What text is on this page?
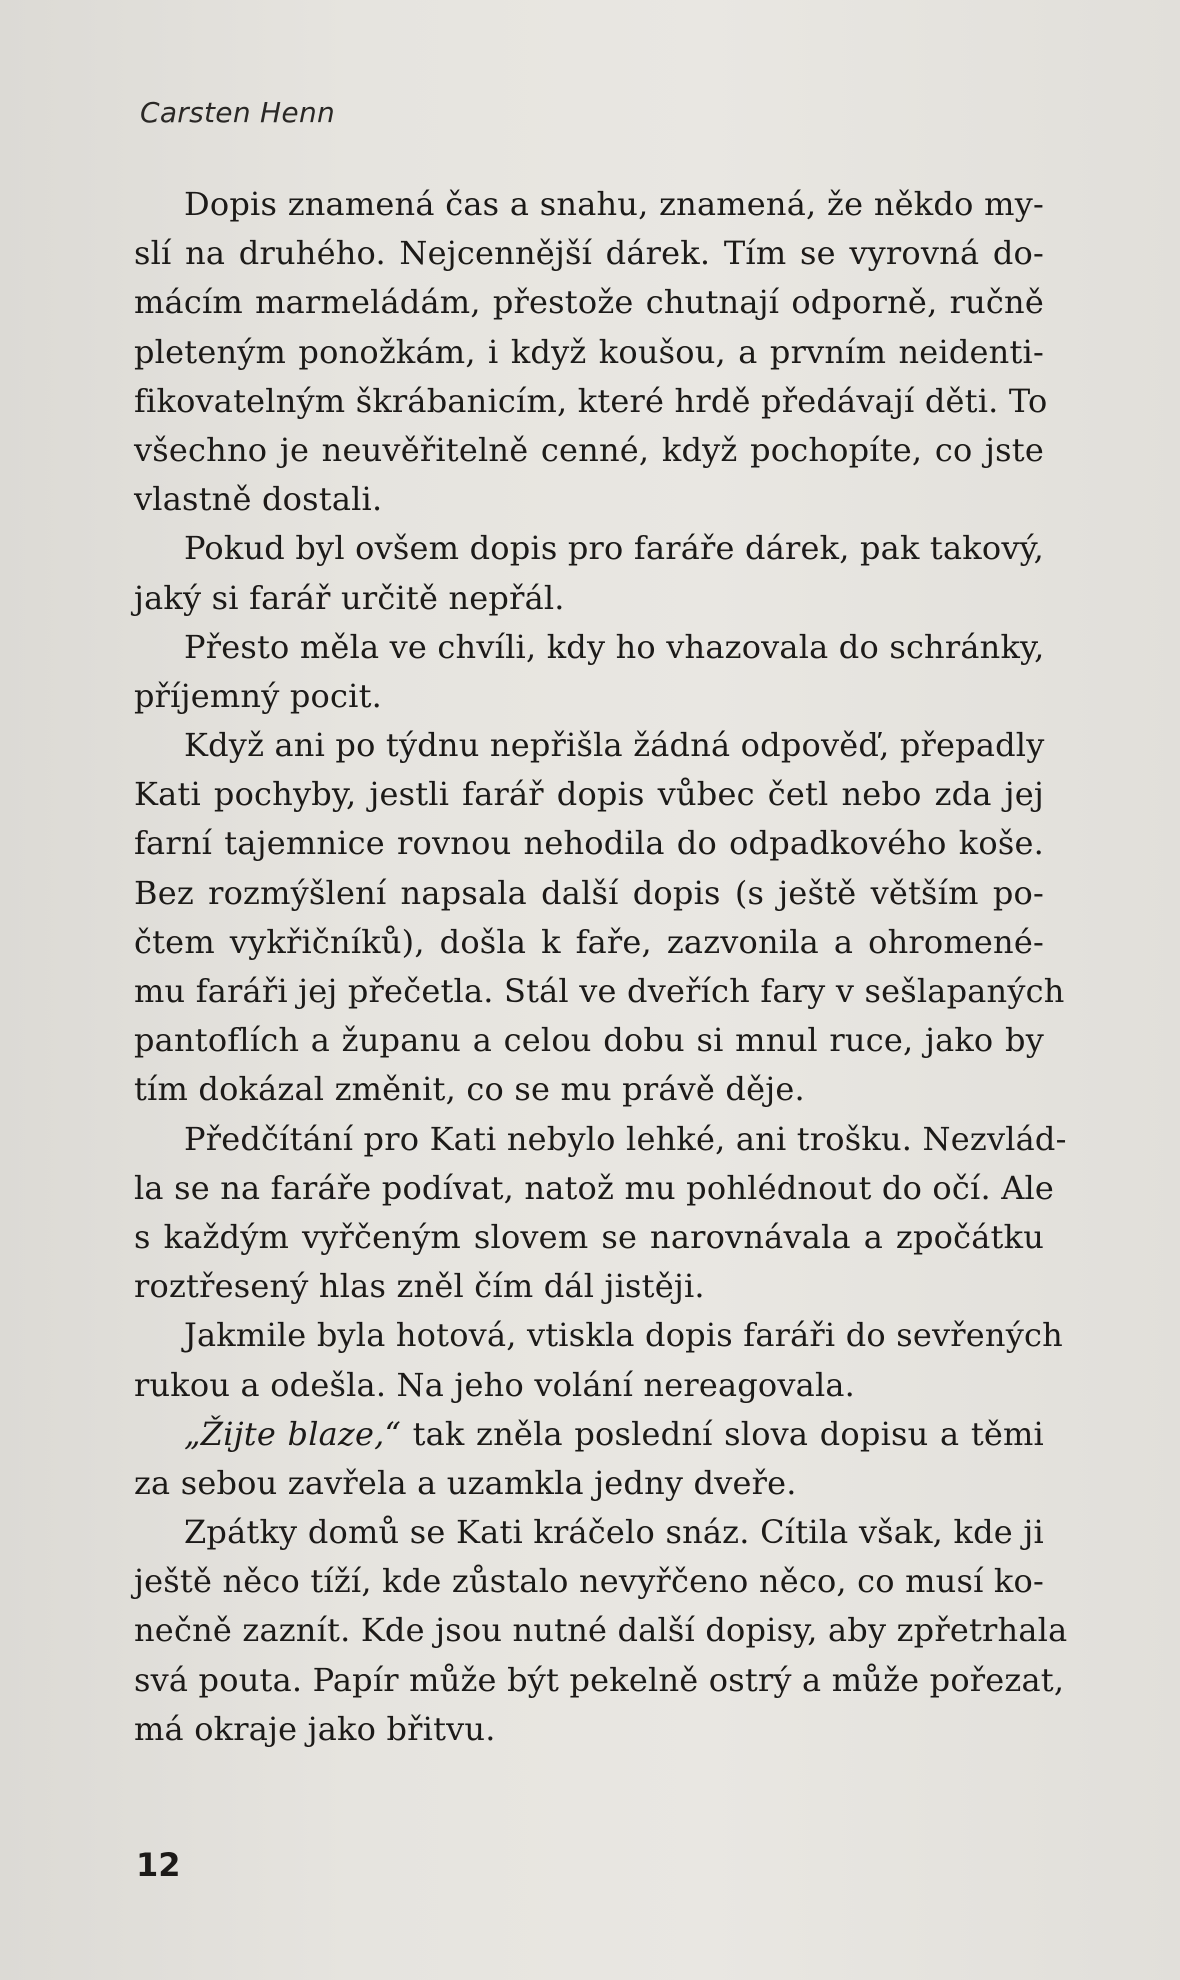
Carsten Henn
Dopis znamená čas a snahu, znamená, že někdo my-
slí na druhého. Nejcennější dárek. Tím se vyrovná do-
mácím marmeládám, přestože chutnají odporně, ručně
pleteným ponožkám, i když koušou, a prvním neidenti-
fikovatelným škrábanicím, které hrdě předávají děti. To
všechno je neuvěřitelně cenné, když pochopíte, co jste
vlastně dostali.
Pokud byl ovšem dopis pro faráře dárek, pak takový,
jaký si farář určitě nepřál.
Přesto měla ve chvíli, kdy ho vhazovala do schránky,
příjemný pocit.
Když ani po týdnu nepřišla žádná odpověď, přepadly
Kati pochyby, jestli farář dopis vůbec četl nebo zda jej
farní tajemnice rovnou nehodila do odpadkového koše.
Bez rozmýšlení napsala další dopis (s ještě větším po-
čtem vykřičníků), došla k faře, zazvonila a ohromené-
mu faráři jej přečetla. Stál ve dveřích fary v sešlapaných
pantoflích a županu a celou dobu si mnul ruce, jako by
tím dokázal změnit, co se mu právě děje.
Předčítání pro Kati nebylo lehké, ani trošku. Nezvlád-
la se na faráře podívat, natož mu pohlédnout do očí. Ale
s každým vyřčeným slovem se narovnávala a zpočátku
roztřesený hlas zněl čím dál jistěji.
Jakmile byla hotová, vtiskla dopis faráři do sevřených
rukou a odešla. Na jeho volání nereagovala.
„Žijte blaze,“ tak zněla poslední slova dopisu a těmi
za sebou zavřela a uzamkla jedny dveře.
Zpátky domů se Kati kráčelo snáz. Cítila však, kde ji
ještě něco tíží, kde zůstalo nevyřčeno něco, co musí ko-
nečně zaznít. Kde jsou nutné další dopisy, aby zpřetrhala
svá pouta. Papír může být pekelně ostrý a může pořezat,
má okraje jako břitvu.
12
